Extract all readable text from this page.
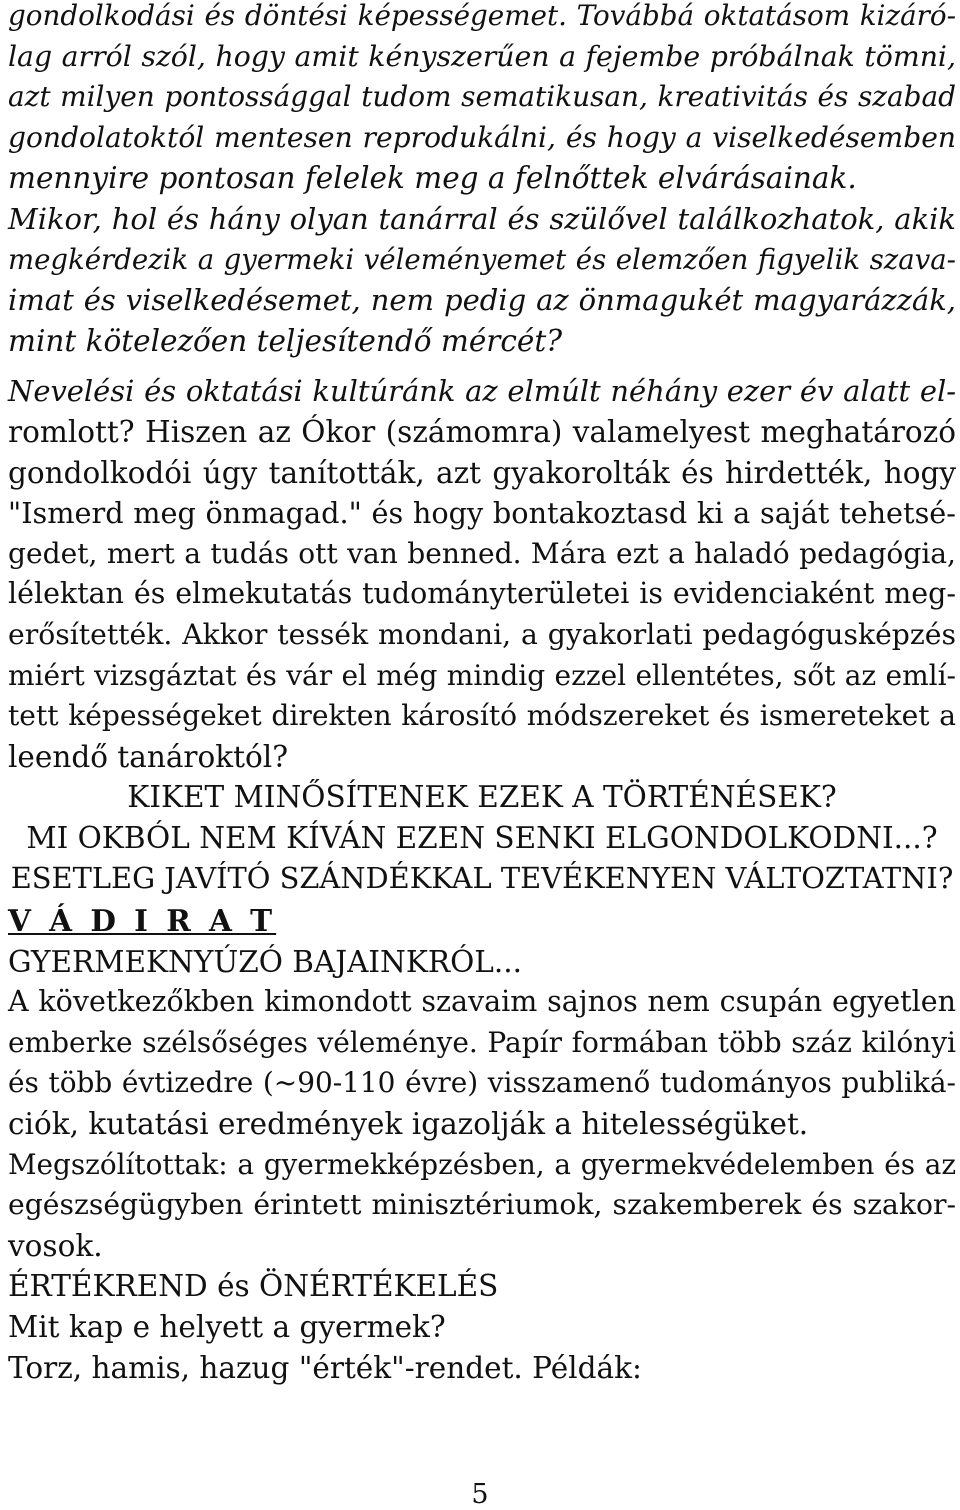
gondolkodási és döntési képességemet. Továbbá oktatásom kizáró-
lag arról szól, hogy amit kényszerűen a fejembe próbálnak tömni,
azt milyen pontossággal tudom sematikusan, kreativitás és szabad
gondolatoktól mentesen reprodukálni, és hogy a viselkedésemben
mennyire pontosan felelek meg a felnőttek elvárásainak.
Mikor, hol és hány olyan tanárral és szülővel találkozhatok, akik
megkérdezik a gyermeki véleményemet és elemzően figyelik szava-
imat és viselkedésemet, nem pedig az önmagukét magyarázzák,
mint kötelezően teljesítendő mércét?
Nevelési és oktatási kultúránk az elmúlt néhány ezer év alatt el-
romlott? Hiszen az Ókor (számomra) valamelyest meghatározó
gondolkodói úgy tanították, azt gyakorolták és hirdették, hogy
"Ismerd meg önmagad." és hogy bontakoztasd ki a saját tehetsé-
gedet, mert a tudás ott van benned. Mára ezt a haladó pedagógia,
lélektan és elmekutatás tudományterületei is evidenciaként meg-
erősítették. Akkor tessék mondani, a gyakorlati pedagógusképzés
miért vizsgáztat és vár el még mindig ezzel ellentétes, sőt az emlí-
tett képességeket direkten károsító módszereket és ismereteket a
leendő tanároktól?
KIKET MINŐSÍTENEK EZEK A TÖRTÉNÉSEK?
MI OKBÓL NEM KÍVÁN EZEN SENKI ELGONDOLKODNI...?
ESETLEG JAVÍTÓ SZÁNDÉKKAL TEVÉKENYEN VÁLTOZTATNI?
V Á D I R A T
GYERMEKNYÚZÓ BAJAINKRÓL...
A következőkben kimondott szavaim sajnos nem csupán egyetlen
emberke szélsőséges véleménye. Papír formában több száz kilónyi
és több évtizedre (~90-110 évre) visszamenő tudományos publiká-
ciók, kutatási eredmények igazolják a hitelességüket.
Megszólítottak: a gyermekképzésben, a gyermekvédelemben és az
egészségügyben érintett minisztériumok, szakemberek és szakor-
vosok.
ÉRTÉKREND és ÖNÉRTÉKELÉS
Mit kap e helyett a gyermek?
Torz, hamis, hazug "érték"-rendet. Példák:
5
